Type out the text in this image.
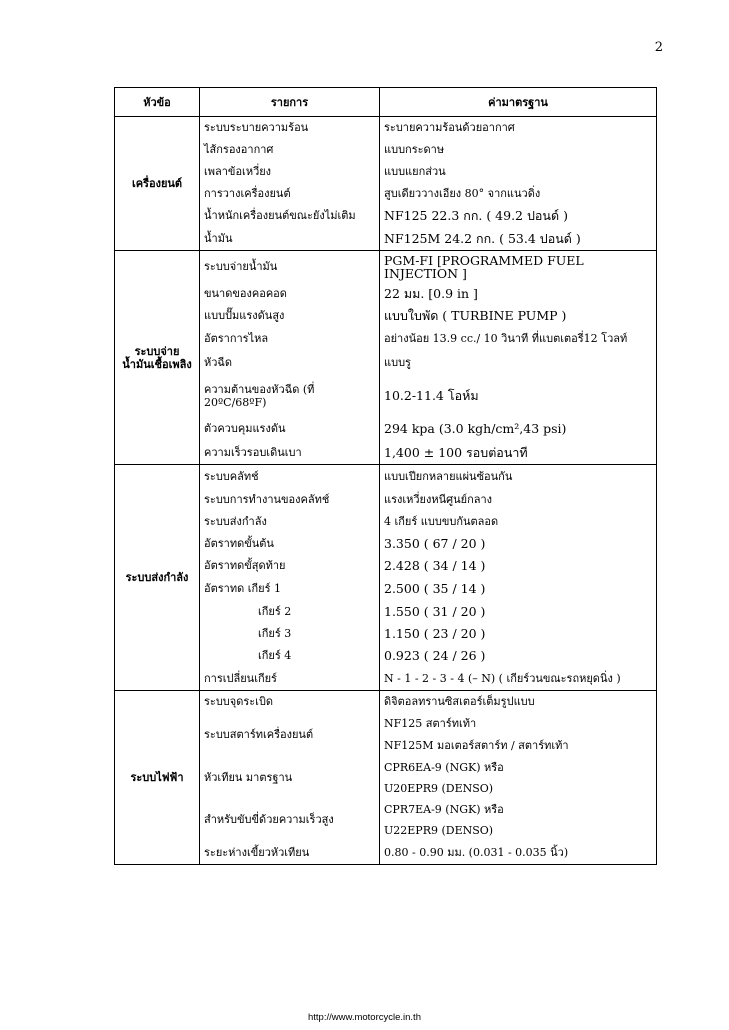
2
หัวข้อ	รายการ	ค่ามาตรฐาน
เครื่องยนต์	ระบบระบายความร้อน	ระบายความร้อนด้วยอากาศ
	ไส้กรองอากาศ	แบบกระดาษ
	เพลาข้อเหวี่ยง	แบบแยกส่วน
	การวางเครื่องยนต์	สูบเดียววางเอียง 80° จากแนวดิ่ง
	น้ำหนักเครื่องยนต์ขณะยังไม่เติม	NF125 22.3 กก. ( 49.2 ปอนด์ )
	น้ำมัน	NF125M 24.2 กก. ( 53.4 ปอนด์ )
ระบบจ่าย น้ำมันเชื้อเพลิง	ระบบจ่ายน้ำมัน	PGM-FI [PROGRAMMED FUEL INJECTION ]
	ขนาดของคอคอด	22 มม. [0.9 in ]
	แบบปั๊มแรงดันสูง	แบบใบพัด ( TURBINE PUMP )
	อัตราการไหล	อย่างน้อย 13.9 cc./ 10 วินาที ที่แบตเตอรี่12 โวลท์
	หัวฉีด	แบบรู
	ความต้านของหัวฉีด (ที่ 20ºC/68ºF)	10.2-11.4 โอห์ม
	ตัวควบคุมแรงดัน	294 kpa (3.0 kgh/cm²,43 psi)
	ความเร็วรอบเดินเบา	1,400 ± 100 รอบต่อนาที
ระบบส่งกำลัง	ระบบคลัทช์	แบบเปียกหลายแผ่นซ้อนกัน
	ระบบการทำงานของคลัทช์	แรงเหวี่ยงหนีศูนย์กลาง
	ระบบส่งกำลัง	4 เกียร์ แบบขบกันตลอด
	อัตราทดขั้นต้น	3.350 ( 67 / 20 )
	อัตราทดขั้สุดท้าย	2.428 ( 34 / 14 )
	อัตราทด เกียร์ 1	2.500 ( 35 / 14 )
	เกียร์ 2	1.550 ( 31 / 20 )
	เกียร์ 3	1.150 ( 23 / 20 )
	เกียร์ 4	0.923 ( 24 / 26 )
	การเปลี่ยนเกียร์	N - 1 - 2 - 3 - 4 (– N) ( เกียร์วนขณะรถหยุดนิ่ง )
ระบบไฟฟ้า	ระบบจุดระเบิด	ดิจิตอลทรานซิสเตอร์เต็มรูปแบบ
	ระบบสตาร์ทเครื่องยนต์	NF125 สตาร์ทเท้า
		NF125M มอเตอร์สตาร์ท / สตาร์ทเท้า
	หัวเทียน มาตรฐาน	CPR6EA-9 (NGK) หรือ
		U20EPR9 (DENSO)
	สำหรับขับขี่ด้วยความเร็วสูง	CPR7EA-9 (NGK) หรือ
		U22EPR9 (DENSO)
	ระยะห่างเขี้ยวหัวเทียน	0.80 - 0.90 มม. (0.031 - 0.035 นิ้ว)
http://www.motorcycle.in.th
